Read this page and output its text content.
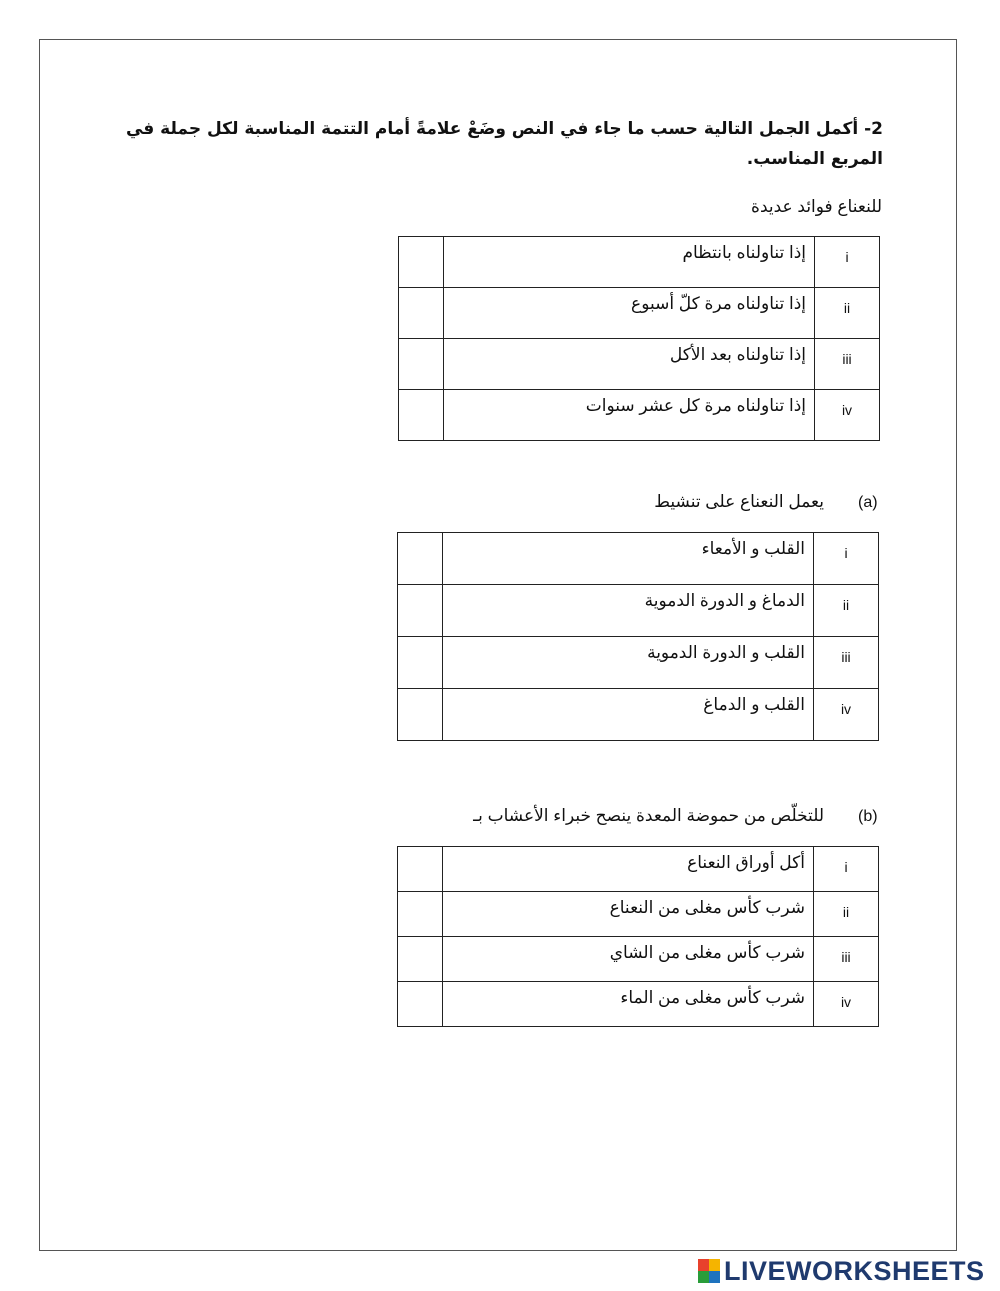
2- أكمل الجمل التالية حسب ما جاء في النص وضَعْ علامةً أمام التتمة المناسبة لكل جملة في المربع المناسب.
للنعناع فوائد عديدة
	إذا تناولناه بانتظام	i
	إذا تناولناه مرة كلّ أسبوع	ii
	إذا تناولناه بعد الأكل	iii
	إذا تناولناه مرة كل عشر سنوات	iv
(a)
يعمل النعناع على تنشيط
	القلب و الأمعاء	i
	الدماغ و الدورة الدموية	ii
	القلب و الدورة الدموية	iii
	القلب و الدماغ	iv
(b)
للتخلّص من حموضة المعدة ينصح خبراء الأعشاب بـ
	أكل أوراق النعناع	i
	شرب كأس مغلى من النعناع	ii
	شرب كأس مغلى من الشاي	iii
	شرب كأس مغلى من الماء	iv
LIVEWORKSHEETS
